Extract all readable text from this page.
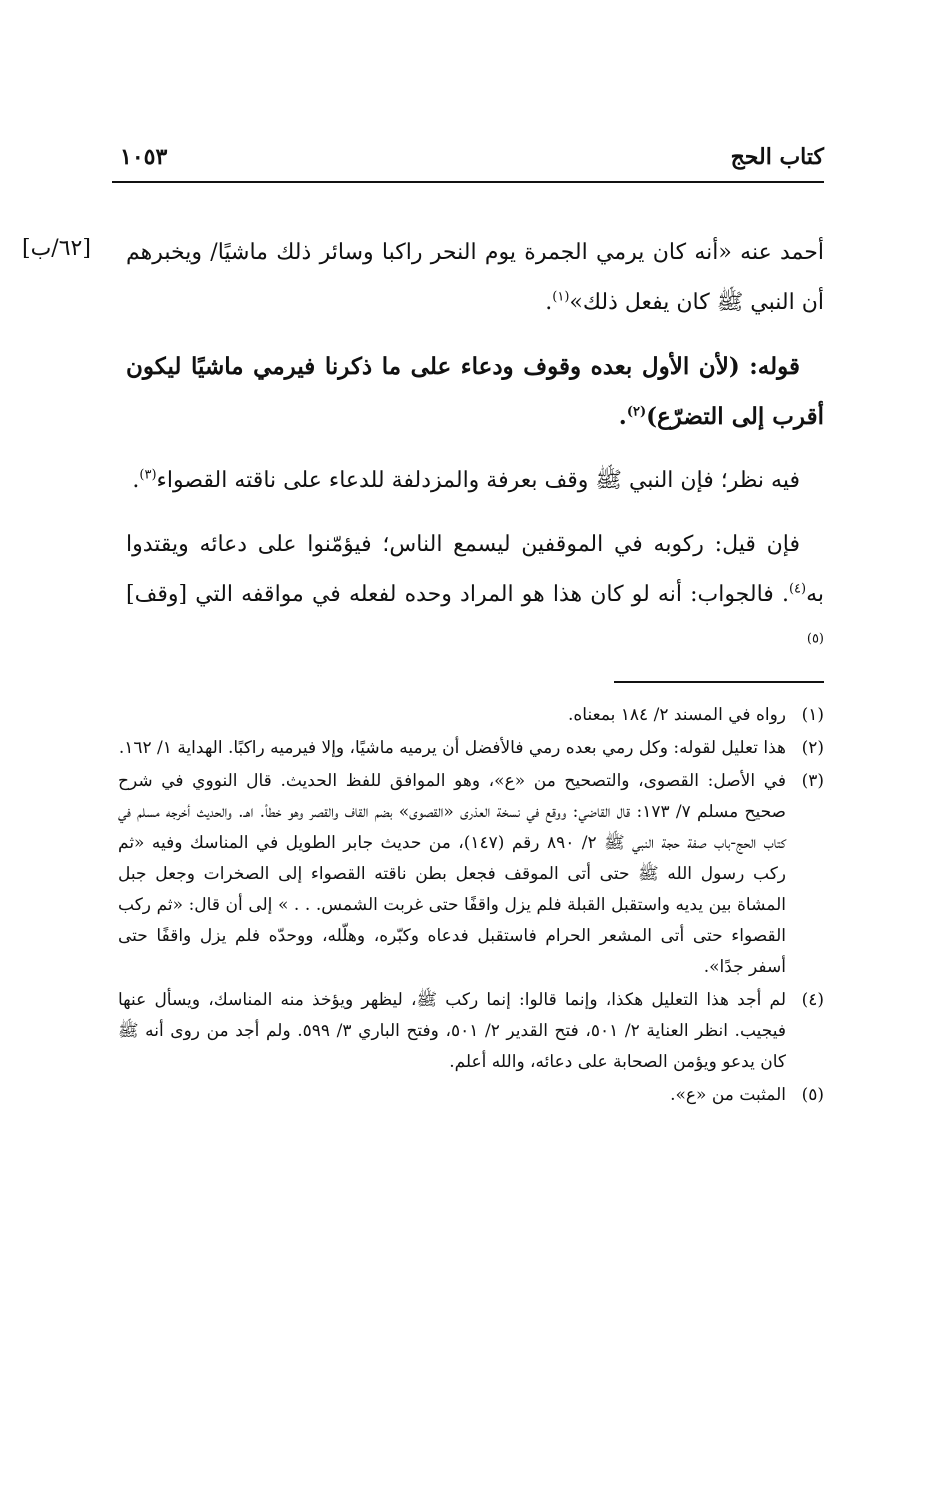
كتاب الحج
١٠٥٣
[٦٢/ب] أحمد عنه «أنه كان يرمي الجمرة يوم النحر راكبا وسائر ذلك ماشيًا/ ويخبرهم أن النبي ﷺ كان يفعل ذلك»$^{(١)}$.

قوله: (لأن الأول بعده وقوف ودعاء على ما ذكرنا فيرمي ماشيًا ليكون أقرب إلى التضرّع)$^{(٢)}$.

فيه نظر؛ فإن النبي ﷺ وقف بعرفة والمزدلفة للدعاء على ناقته القصواء$^{(٣)}$.

فإن قيل: ركوبه في الموقفين ليسمع الناس؛ فيؤمّنوا على دعائه ويقتدوا به$^{(٤)}$. فالجواب: أنه لو كان هذا هو المراد وحده لفعله في مواقفه التي [وقف]$^{(٥)}$

(١)
رواه في المسند ٢/ ١٨٤ بمعناه.
(٢)
هذا تعليل لقوله: وكل رمي بعده رمي فالأفضل أن يرميه ماشيًا، وإلا فيرميه راكبًا. الهداية ١/ ١٦٢.
(٣)
في الأصل: القصوى، والتصحيح من «ع»، وهو الموافق للفظ الحديث. قال النووي في شرح صحيح مسلم ٧/ ١٧٣: قال القاضي: ووقع في نسخة العذرى «القصوى» بضم القاف والقصر وهو خطأ. اهـ. والحديث أخرجه مسلم في كتاب الحج-باب صفة حجة النبي ﷺ ٢/ ٨٩٠ رقم (١٤٧)، من حديث جابر الطويل في المناسك وفيه «ثم ركب رسول الله ﷺ حتى أتى الموقف فجعل بطن ناقته القصواء إلى الصخرات وجعل جبل المشاة بين يديه واستقبل القبلة فلم يزل واقفًا حتى غربت الشمس. . . » إلى أن قال: «ثم ركب القصواء حتى أتى المشعر الحرام فاستقبل فدعاه وكبّره، وهلّله، ووحدّه فلم يزل واقفًا حتى أسفر جدًا».
(٤)
لم أجد هذا التعليل هكذا، وإنما قالوا: إنما ركب ﷺ، ليظهر ويؤخذ منه المناسك، ويسأل عنها فيجيب. انظر العناية ٢/ ٥٠١، فتح القدير ٢/ ٥٠١، وفتح الباري ٣/ ٥٩٩. ولم أجد من روى أنه ﷺ كان يدعو ويؤمن الصحابة على دعائه، والله أعلم.
(٥)
المثبت من «ع».
